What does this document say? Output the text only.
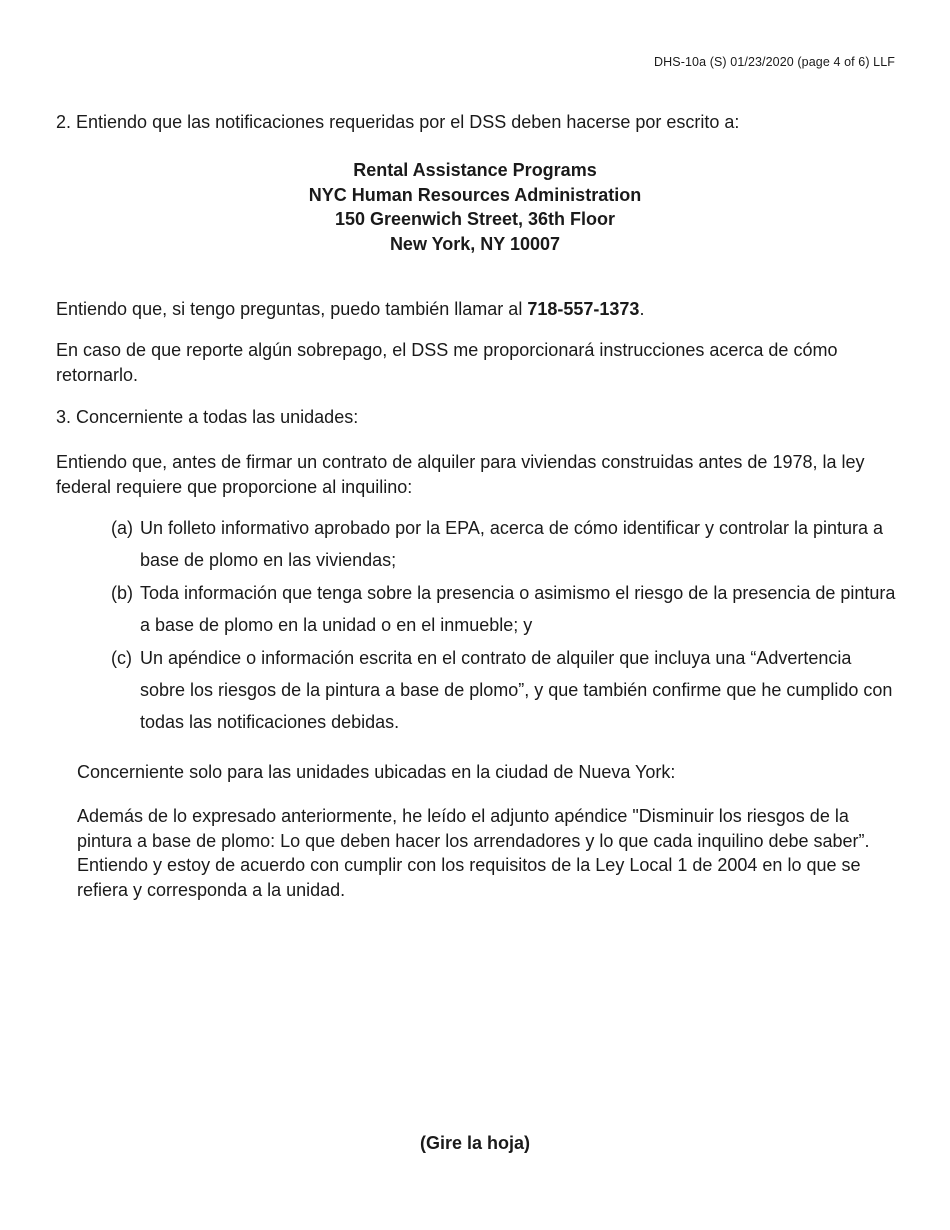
DHS-10a (S) 01/23/2020 (page 4 of 6) LLF
2. Entiendo que las notificaciones requeridas por el DSS deben hacerse por escrito a:
Rental Assistance Programs
NYC Human Resources Administration
150 Greenwich Street, 36th Floor
New York, NY 10007
Entiendo que, si tengo preguntas, puedo también llamar al 718-557-1373.
En caso de que reporte algún sobrepago, el DSS me proporcionará instrucciones acerca de cómo retornarlo.
3. Concerniente a todas las unidades:
Entiendo que, antes de firmar un contrato de alquiler para viviendas construidas antes de 1978, la ley federal requiere que proporcione al inquilino:
(a) Un folleto informativo aprobado por la EPA, acerca de cómo identificar y controlar la pintura a base de plomo en las viviendas;
(b) Toda información que tenga sobre la presencia o asimismo el riesgo de la presencia de pintura a base de plomo en la unidad o en el inmueble; y
(c) Un apéndice o información escrita en el contrato de alquiler que incluya una “Advertencia sobre los riesgos de la pintura a base de plomo”, y que también confirme que he cumplido con todas las notificaciones debidas.
Concerniente solo para las unidades ubicadas en la ciudad de Nueva York:
Además de lo expresado anteriormente, he leído el adjunto apéndice "Disminuir los riesgos de la pintura a base de plomo: Lo que deben hacer los arrendadores y lo que cada inquilino debe saber”. Entiendo y estoy de acuerdo con cumplir con los requisitos de la Ley Local 1 de 2004 en lo que se refiera y corresponda a la unidad.
(Gire la hoja)
